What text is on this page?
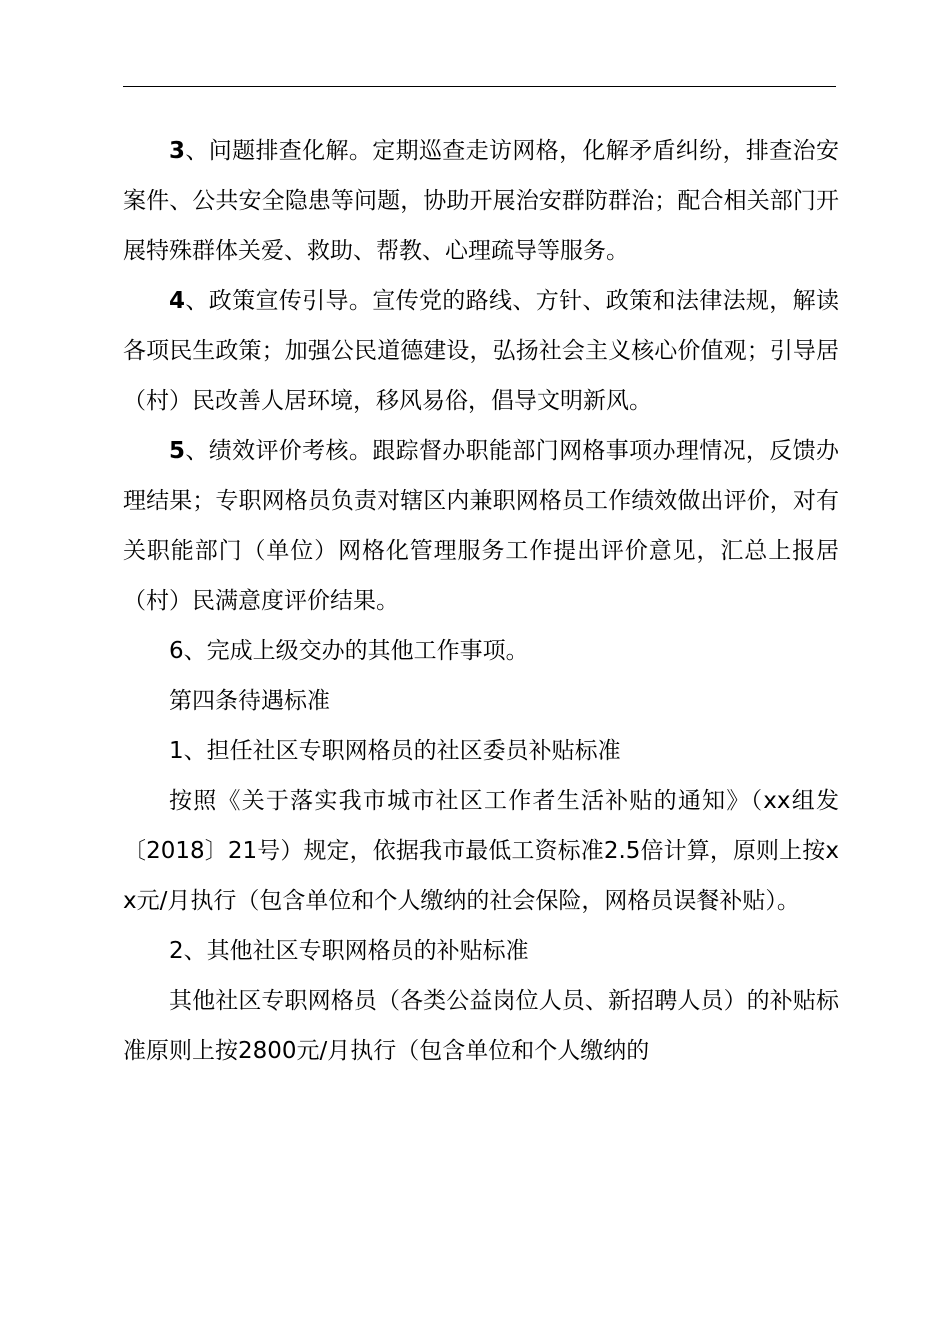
3、问题排查化解。定期巡查走访网格，化解矛盾纠纷，排查治安案件、公共安全隐患等问题，协助开展治安群防群治；配合相关部门开展特殊群体关爱、救助、帮教、心理疏导等服务。

4、政策宣传引导。宣传党的路线、方针、政策和法律法规，解读各项民生政策；加强公民道德建设，弘扬社会主义核心价值观；引导居（村）民改善人居环境，移风易俗，倡导文明新风。

5、绩效评价考核。跟踪督办职能部门网格事项办理情况，反馈办理结果；专职网格员负责对辖区内兼职网格员工作绩效做出评价，对有关职能部门（单位）网格化管理服务工作提出评价意见，汇总上报居（村）民满意度评价结果。

6、完成上级交办的其他工作事项。

第四条待遇标准

1、担任社区专职网格员的社区委员补贴标准

按照《关于落实我市城市社区工作者生活补贴的通知》（xx组发〔2018〕21号）规定，依据我市最低工资标准2.5倍计算，原则上按xx元/月执行（包含单位和个人缴纳的社会保险，网格员误餐补贴）。

2、其他社区专职网格员的补贴标准

其他社区专职网格员（各类公益岗位人员、新招聘人员）的补贴标准原则上按2800元/月执行（包含单位和个人缴纳的
